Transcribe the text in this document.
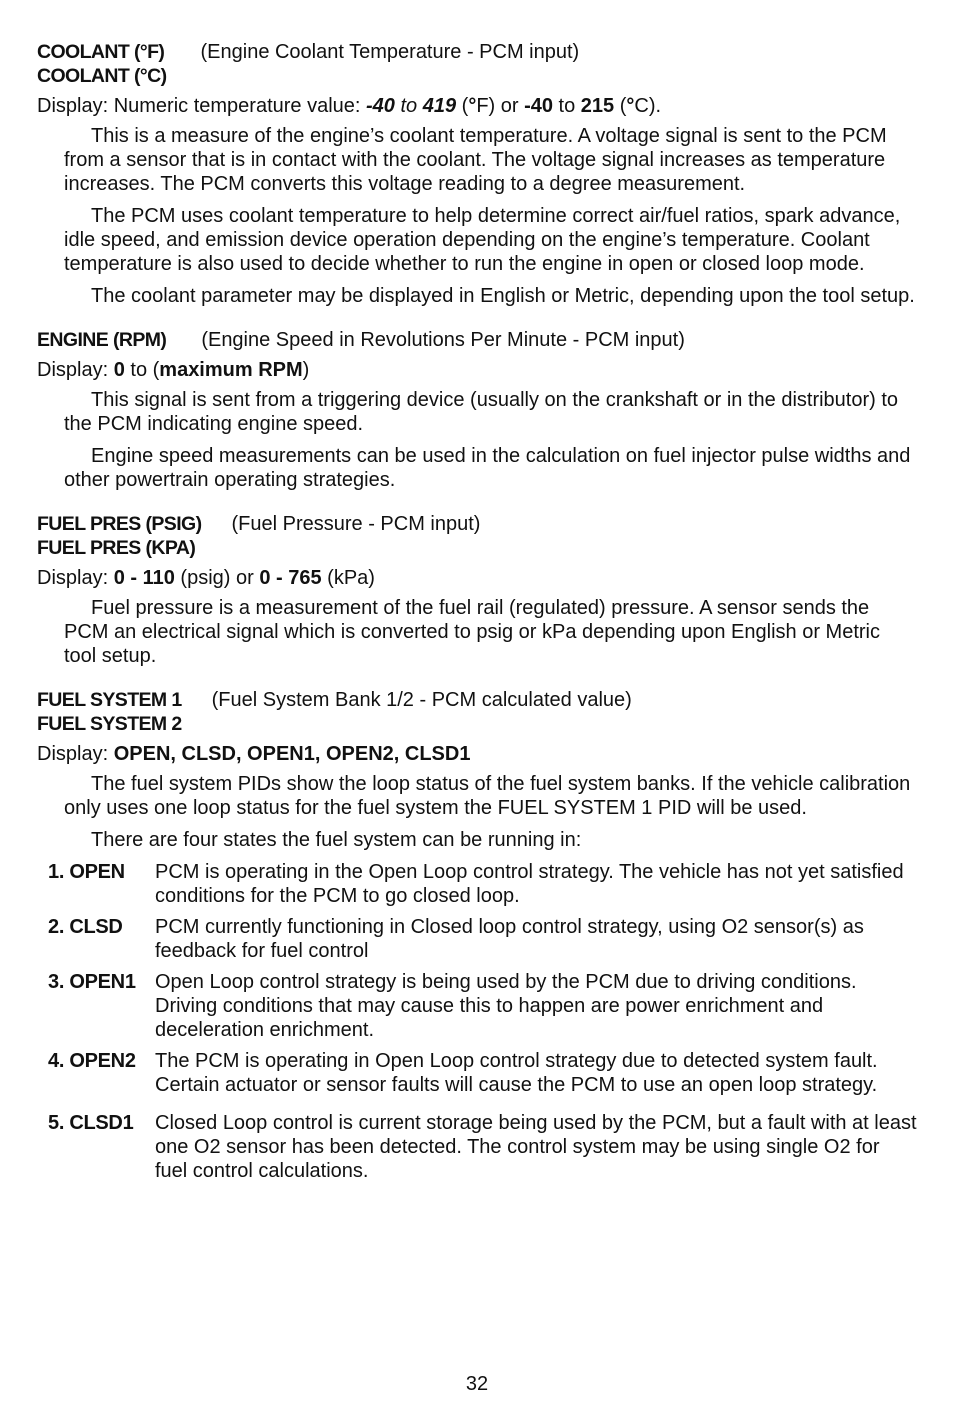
COOLANT (°F)
COOLANT (°C)
(Engine Coolant Temperature - PCM input)
Display: Numeric temperature value: -40 to 419 (°F) or -40 to 215 (°C).

This is a measure of the engine’s coolant temperature. A voltage signal is sent to the PCM from a sensor that is in contact with the coolant. The voltage signal increases as temperature increases. The PCM converts this voltage reading to a degree measurement.

The PCM uses coolant temperature to help determine correct air/fuel ratios, spark advance, idle speed, and emission device operation depending on the engine’s temperature. Coolant temperature is also used to decide whether to run the engine in open or closed loop mode.

The coolant parameter may be displayed in English or Metric, depending upon the tool setup.

ENGINE (RPM)	(Engine Speed in Revolutions Per Minute - PCM input)
Display: 0 to (maximum RPM)

This signal is sent from a triggering device (usually on the crankshaft or in the distributor) to the PCM indicating engine speed.

Engine speed measurements can be used in the calculation on fuel injector pulse widths and other powertrain operating strategies.

FUEL PRES (PSIG)
FUEL PRES (KPA)
(Fuel Pressure - PCM input)
Display: 0 - 110 (psig) or 0 - 765 (kPa)

Fuel pressure is a measurement of the fuel rail (regulated) pressure. A sensor sends the PCM an electrical signal which is converted to psig or kPa depending upon English or Metric tool setup.

FUEL SYSTEM 1
FUEL SYSTEM 2
(Fuel System Bank 1/2 - PCM calculated value)
Display: OPEN, CLSD, OPEN1, OPEN2, CLSD1

The fuel system PIDs show the loop status of the fuel system banks. If the vehicle calibration only uses one loop status for the fuel system the FUEL SYSTEM 1 PID will be used.

There are four states the fuel system can be running in:

1. OPEN	PCM is operating in the Open Loop control strategy. The vehicle has not yet satisfied conditions for the PCM to go closed loop.
2. CLSD	PCM currently functioning in Closed loop control strategy, using O2 sensor(s) as feedback for fuel control
3. OPEN1 Open Loop control strategy is being used by the PCM due to driving conditions. Driving conditions that may cause this to happen are power enrichment and deceleration enrichment.
4. OPEN2 The PCM is operating in Open Loop control strategy due to detected system fault. Certain actuator or sensor faults will cause the PCM to use an open loop strategy.
5. CLSD1	Closed Loop control is current storage being used by the PCM, but a fault with at least one O2 sensor has been detected. The control system may be using single O2 for fuel control calculations.
32
